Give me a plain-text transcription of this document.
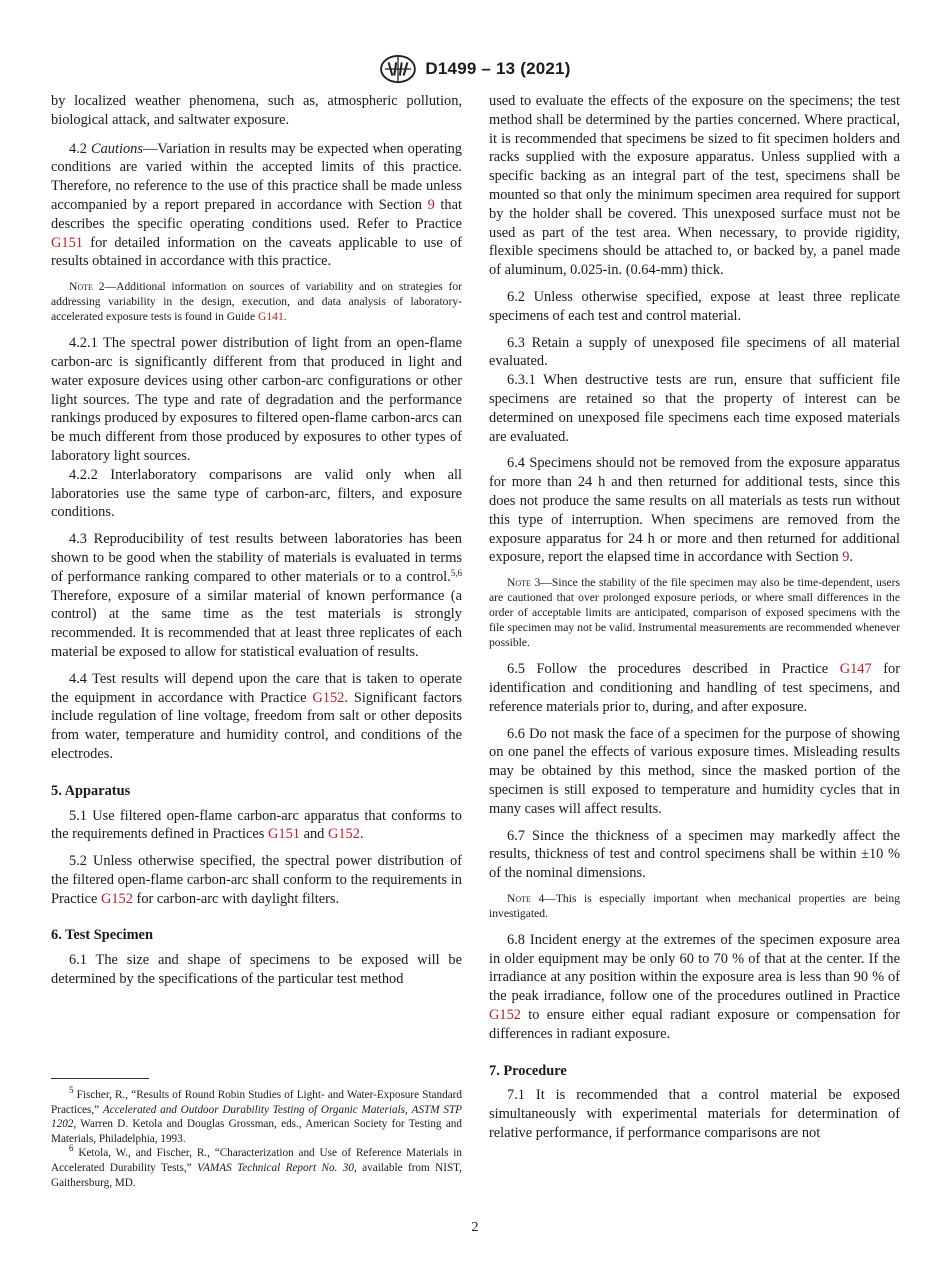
D1499 – 13 (2021)

by localized weather phenomena, such as, atmospheric pollution, biological attack, and saltwater exposure.

4.2 Cautions—Variation in results may be expected when operating conditions are varied within the accepted limits of this practice. Therefore, no reference to the use of this practice shall be made unless accompanied by a report prepared in accordance with Section 9 that describes the specific operating conditions used. Refer to Practice G151 for detailed information on the caveats applicable to use of results obtained in accordance with this practice.

Note 2—Additional information on sources of variability and on strategies for addressing variability in the design, execution, and data analysis of laboratory-accelerated exposure tests is found in Guide G141.

4.2.1 The spectral power distribution of light from an open-flame carbon-arc is significantly different from that produced in light and water exposure devices using other carbon-arc configurations or other light sources. The type and rate of degradation and the performance rankings produced by exposures to filtered open-flame carbon-arcs can be much different from those produced by exposures to other types of laboratory light sources.

4.2.2 Interlaboratory comparisons are valid only when all laboratories use the same type of carbon-arc, filters, and exposure conditions.

4.3 Reproducibility of test results between laboratories has been shown to be good when the stability of materials is evaluated in terms of performance ranking compared to other materials or to a control.$^{5,6}$ Therefore, exposure of a similar material of known performance (a control) at the same time as the test materials is strongly recommended. It is recommended that at least three replicates of each material be exposed to allow for statistical evaluation of results.

4.4 Test results will depend upon the care that is taken to operate the equipment in accordance with Practice G152. Significant factors include regulation of line voltage, freedom from salt or other deposits from water, temperature and humidity control, and conditions of the electrodes.

5. Apparatus

5.1 Use filtered open-flame carbon-arc apparatus that conforms to the requirements defined in Practices G151 and G152.

5.2 Unless otherwise specified, the spectral power distribution of the filtered open-flame carbon-arc shall conform to the requirements in Practice G152 for carbon-arc with daylight filters.

6. Test Specimen

6.1 The size and shape of specimens to be exposed will be determined by the specifications of the particular test method

$^5$ Fischer, R., “Results of Round Robin Studies of Light- and Water-Exposure Standard Practices,” Accelerated and Outdoor Durability Testing of Organic Materials, ASTM STP 1202, Warren D. Ketola and Douglas Grossman, eds., American Society for Testing and Materials, Philadelphia, 1993.

$^6$ Ketola, W., and Fischer, R., “Characterization and Use of Reference Materials in Accelerated Durability Tests,” VAMAS Technical Report No. 30, available from NIST, Gaithersburg, MD.

used to evaluate the effects of the exposure on the specimens; the test method shall be determined by the parties concerned. Where practical, it is recommended that specimens be sized to fit specimen holders and racks supplied with the exposure apparatus. Unless supplied with a specific backing as an integral part of the test, specimens shall be mounted so that only the minimum specimen area required for support by the holder shall be covered. This unexposed surface must not be used as part of the test area. When necessary, to provide rigidity, flexible specimens should be attached to, or backed by, a panel made of aluminum, 0.025-in. (0.64-mm) thick.

6.2 Unless otherwise specified, expose at least three replicate specimens of each test and control material.

6.3 Retain a supply of unexposed file specimens of all material evaluated.

6.3.1 When destructive tests are run, ensure that sufficient file specimens are retained so that the property of interest can be determined on unexposed file specimens each time exposed materials are evaluated.

6.4 Specimens should not be removed from the exposure apparatus for more than 24 h and then returned for additional tests, since this does not produce the same results on all materials as tests run without this type of interruption. When specimens are removed from the exposure apparatus for 24 h or more and then returned for additional exposure, report the elapsed time in accordance with Section 9.

Note 3—Since the stability of the file specimen may also be time-dependent, users are cautioned that over prolonged exposure periods, or where small differences in the order of acceptable limits are anticipated, comparison of exposed specimens with the file specimen may not be valid. Instrumental measurements are recommended whenever possible.

6.5 Follow the procedures described in Practice G147 for identification and conditioning and handling of test specimens, and reference materials prior to, during, and after exposure.

6.6 Do not mask the face of a specimen for the purpose of showing on one panel the effects of various exposure times. Misleading results may be obtained by this method, since the masked portion of the specimen is still exposed to temperature and humidity cycles that in many cases will affect results.

6.7 Since the thickness of a specimen may markedly affect the results, thickness of test and control specimens shall be within ±10 % of the nominal dimensions.

Note 4—This is especially important when mechanical properties are being investigated.

6.8 Incident energy at the extremes of the specimen exposure area in older equipment may be only 60 to 70 % of that at the center. If the irradiance at any position within the exposure area is less than 90 % of the peak irradiance, follow one of the procedures outlined in Practice G152 to ensure either equal radiant exposure or compensation for differences in radiant exposure.

7. Procedure

7.1 It is recommended that a control material be exposed simultaneously with experimental materials for determination of relative performance, if performance comparisons are not

2
